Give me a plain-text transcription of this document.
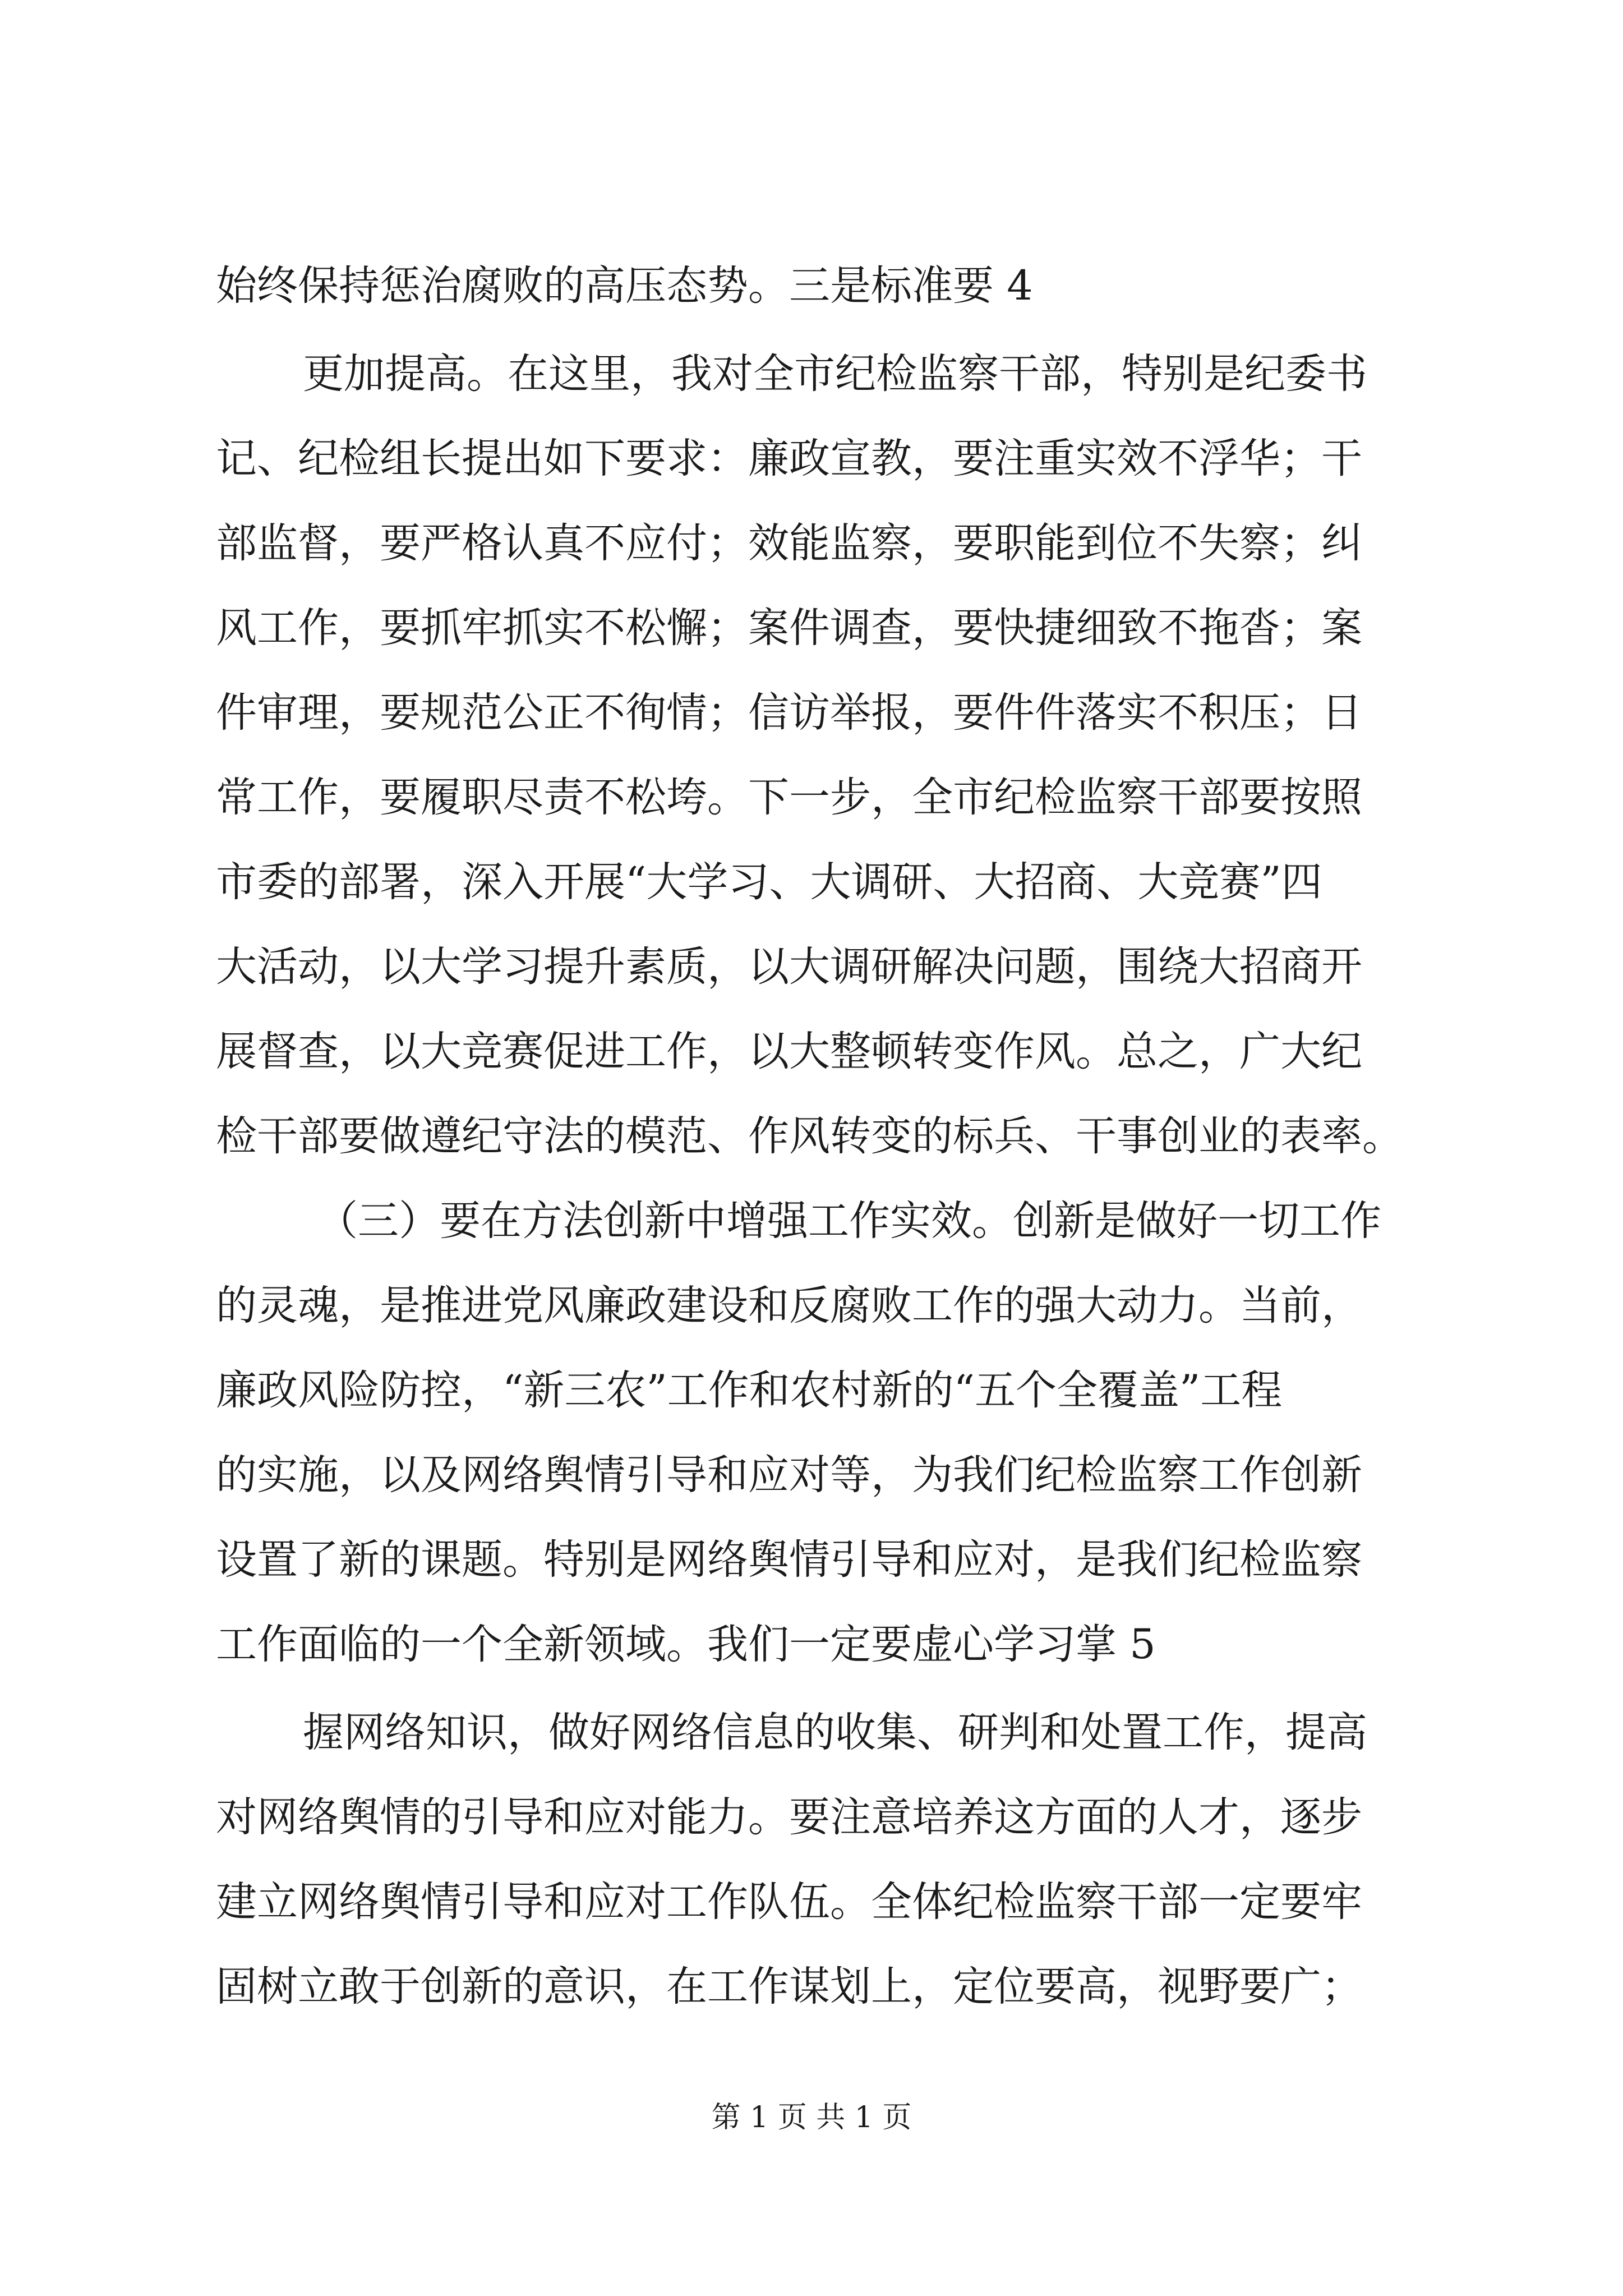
始终保持惩治腐败的高压态势。三是标准要 4
更加提高。在这里，我对全市纪检监察干部，特别是纪委书
记、纪检组长提出如下要求：廉政宣教，要注重实效不浮华；干
部监督，要严格认真不应付；效能监察，要职能到位不失察；纠
风工作，要抓牢抓实不松懈；案件调查，要快捷细致不拖沓；案
件审理，要规范公正不徇情；信访举报，要件件落实不积压；日
常工作，要履职尽责不松垮。下一步，全市纪检监察干部要按照
市委的部署，深入开展“大学习、大调研、大招商、大竞赛”四
大活动，以大学习提升素质，以大调研解决问题，围绕大招商开
展督查，以大竞赛促进工作，以大整顿转变作风。总之，广大纪
检干部要做遵纪守法的模范、作风转变的标兵、干事创业的表率。
（三）要在方法创新中增强工作实效。创新是做好一切工作
的灵魂，是推进党风廉政建设和反腐败工作的强大动力。当前，
廉政风险防控，“新三农”工作和农村新的“五个全覆盖”工程
的实施，以及网络舆情引导和应对等，为我们纪检监察工作创新
设置了新的课题。特别是网络舆情引导和应对，是我们纪检监察
工作面临的一个全新领域。我们一定要虚心学习掌 5
握网络知识，做好网络信息的收集、研判和处置工作，提高
对网络舆情的引导和应对能力。要注意培养这方面的人才，逐步
建立网络舆情引导和应对工作队伍。全体纪检监察干部一定要牢
固树立敢于创新的意识，在工作谋划上，定位要高，视野要广；
第 1 页 共 1 页
